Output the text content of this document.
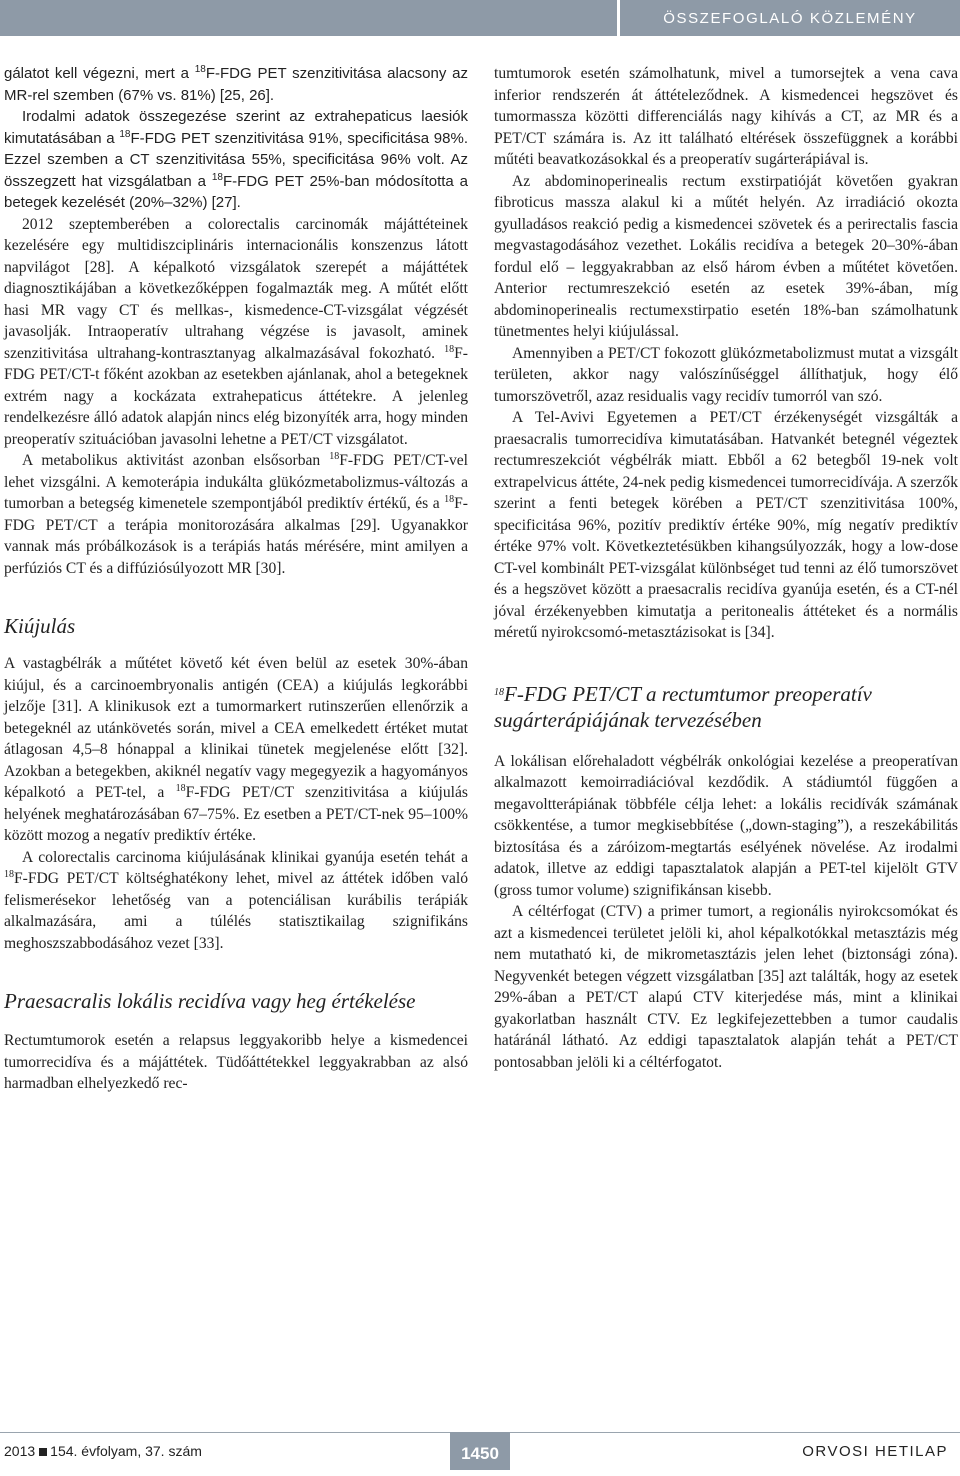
ÖSSZEFOGLALÓ KÖZLEMÉNY

gálatot kell végezni, mert a $^{18}$F-FDG PET szenzitivitása alacsony az MR-rel szemben (67% vs. 81%) [25, 26].

Irodalmi adatok összegezése szerint az extrahepaticus laesiók kimutatásában a $^{18}$F-FDG PET szenzitivitása 91%, specificitása 98%. Ezzel szemben a CT szenzitivitása 55%, specificitása 96% volt. Az összegzett hat vizsgálatban a $^{18}$F-FDG PET 25%-ban módosította a betegek kezelését (20%–32%) [27].

2012 szeptemberében a colorectalis carcinomák májáttéteinek kezelésére egy multidiszciplináris internacionális konszenzus látott napvilágot [28]. A képalkotó vizsgálatok szerepét a májáttétek diagnosztikájában a következőképpen fogalmazták meg. A műtét előtt hasi MR vagy CT és mellkas-, kismedence-CT-vizsgálat végzését javasolják. Intraoperatív ultrahang végzése is javasolt, aminek szenzitivitása ultrahang-kontrasztanyag alkalmazásával fokozható. $^{18}$F-FDG PET/CT-t főként azokban az esetekben ajánlanak, ahol a betegeknek extrém nagy a kockázata extrahepaticus áttétekre. A jelenleg rendelkezésre álló adatok alapján nincs elég bizonyíték arra, hogy minden preoperatív szituációban javasolni lehetne a PET/CT vizsgálatot.

A metabolikus aktivitást azonban elsősorban $^{18}$F-FDG PET/CT-vel lehet vizsgálni. A kemoterápia indukálta glükózmetabolizmus-változás a tumorban a betegség kimenetele szempontjából prediktív értékű, és a $^{18}$F-FDG PET/CT a terápia monitorozására alkalmas [29]. Ugyanakkor vannak más próbálkozások is a terápiás hatás mérésére, mint amilyen a perfúziós CT és a diffúziósúlyozott MR [30].

Kiújulás

A vastagbélrák a műtétet követő két éven belül az esetek 30%-ában kiújul, és a carcinoembryonalis antigén (CEA) a kiújulás legkorábbi jelzője [31]. A klinikusok ezt a tumormarkert rutinszerűen ellenőrzik a betegeknél az utánkövetés során, mivel a CEA emelkedett értéket mutat átlagosan 4,5–8 hónappal a klinikai tünetek megjelenése előtt [32]. Azokban a betegekben, akiknél negatív vagy megegyezik a hagyományos képalkotó a PET-tel, a $^{18}$F-FDG PET/CT szenzitivitása a kiújulás helyének meghatározásában 67–75%. Ez esetben a PET/CT-nek 95–100% között mozog a negatív prediktív értéke.

A colorectalis carcinoma kiújulásának klinikai gyanúja esetén tehát a $^{18}$F-FDG PET/CT költséghatékony lehet, mivel az áttétek időben való felismerésekor lehetőség van a potenciálisan kurábilis terápiák alkalmazására, ami a túlélés statisztikailag szignifikáns meghoszszabbodásához vezet [33].

Praesacralis lokális recidíva vagy heg értékelése

Rectumtumorok esetén a relapsus leggyakoribb helye a kismedencei tumorrecidíva és a májáttétek. Tüdőáttétekkel leggyakrabban az alsó harmadban elhelyezkedő rec-

tumtumorok esetén számolhatunk, mivel a tumorsejtek a vena cava inferior rendszerén át áttételeződnek. A kismedencei hegszövet és tumormassza közötti differenciálás nagy kihívás a CT, az MR és a PET/CT számára is. Az itt található eltérések összefüggnek a korábbi műtéti beavatkozásokkal és a preoperatív sugárterápiával is.

Az abdominoperinealis rectum exstirpatióját követően gyakran fibroticus massza alakul ki a műtét helyén. Az irradiáció okozta gyulladásos reakció pedig a kismedencei szövetek és a perirectalis fascia megvastagodásához vezethet. Lokális recidíva a betegek 20–30%-ában fordul elő – leggyakrabban az első három évben a műtétet követően. Anterior rectumreszekció esetén az esetek 39%-ában, míg abdominoperinealis rectumexstirpatio esetén 18%-ban számolhatunk tünetmentes helyi kiújulással.

Amennyiben a PET/CT fokozott glükózmetabolizmust mutat a vizsgált területen, akkor nagy valószínűséggel állíthatjuk, hogy élő tumorszövetről, azaz residualis vagy recidív tumorról van szó.

A Tel-Avivi Egyetemen a PET/CT érzékenységét vizsgálták a praesacralis tumorrecidíva kimutatásában. Hatvankét betegnél végeztek rectumreszekciót végbélrák miatt. Ebből a 62 betegből 19-nek volt extrapelvicus áttéte, 24-nek pedig kismedencei tumorrecidívája. A szerzők szerint a fenti betegek körében a PET/CT szenzitivitása 100%, specificitása 96%, pozitív prediktív értéke 90%, míg negatív prediktív értéke 97% volt. Következtetésükben kihangsúlyozzák, hogy a low-dose CT-vel kombinált PET-vizsgálat különbséget tud tenni az élő tumorszövet és a hegszövet között a praesacralis recidíva gyanúja esetén, és a CT-nél jóval érzékenyebben kimutatja a peritonealis áttéteket és a normális méretű nyirokcsomó-metasztázisokat is [34].

$^{18}$F-FDG PET/CT a rectumtumor preoperatív sugárterápiájának tervezésében

A lokálisan előrehaladott végbélrák onkológiai kezelése a preoperatívan alkalmazott kemoirradiációval kezdődik. A stádiumtól függően a megavoltterápiának többféle célja lehet: a lokális recidívák számának csökkentése, a tumor megkisebbítése („down-staging”), a reszekábilitás biztosítása és a záróizom-megtartás esélyének növelése. Az irodalmi adatok, illetve az eddigi tapasztalatok alapján a PET-tel kijelölt GTV (gross tumor volume) szignifikánsan kisebb.

A céltérfogat (CTV) a primer tumort, a regionális nyirokcsomókat és azt a kismedencei területet jelöli ki, ahol képalkotókkal metasztázis még nem mutatható ki, de mikrometasztázis jelen lehet (biztonsági zóna). Negyvenkét betegen végzett vizsgálatban [35] azt találták, hogy az esetek 29%-ában a PET/CT alapú CTV kiterjedése más, mint a klinikai gyakorlatban használt CTV. Ez legkifejezettebben a tumor caudalis határánál látható. Az eddigi tapasztalatok alapján tehát a PET/CT pontosabban jelöli ki a céltérfogatot.

2013 154. évfolyam, 37. szám	1450	ORVOSI HETILAP
